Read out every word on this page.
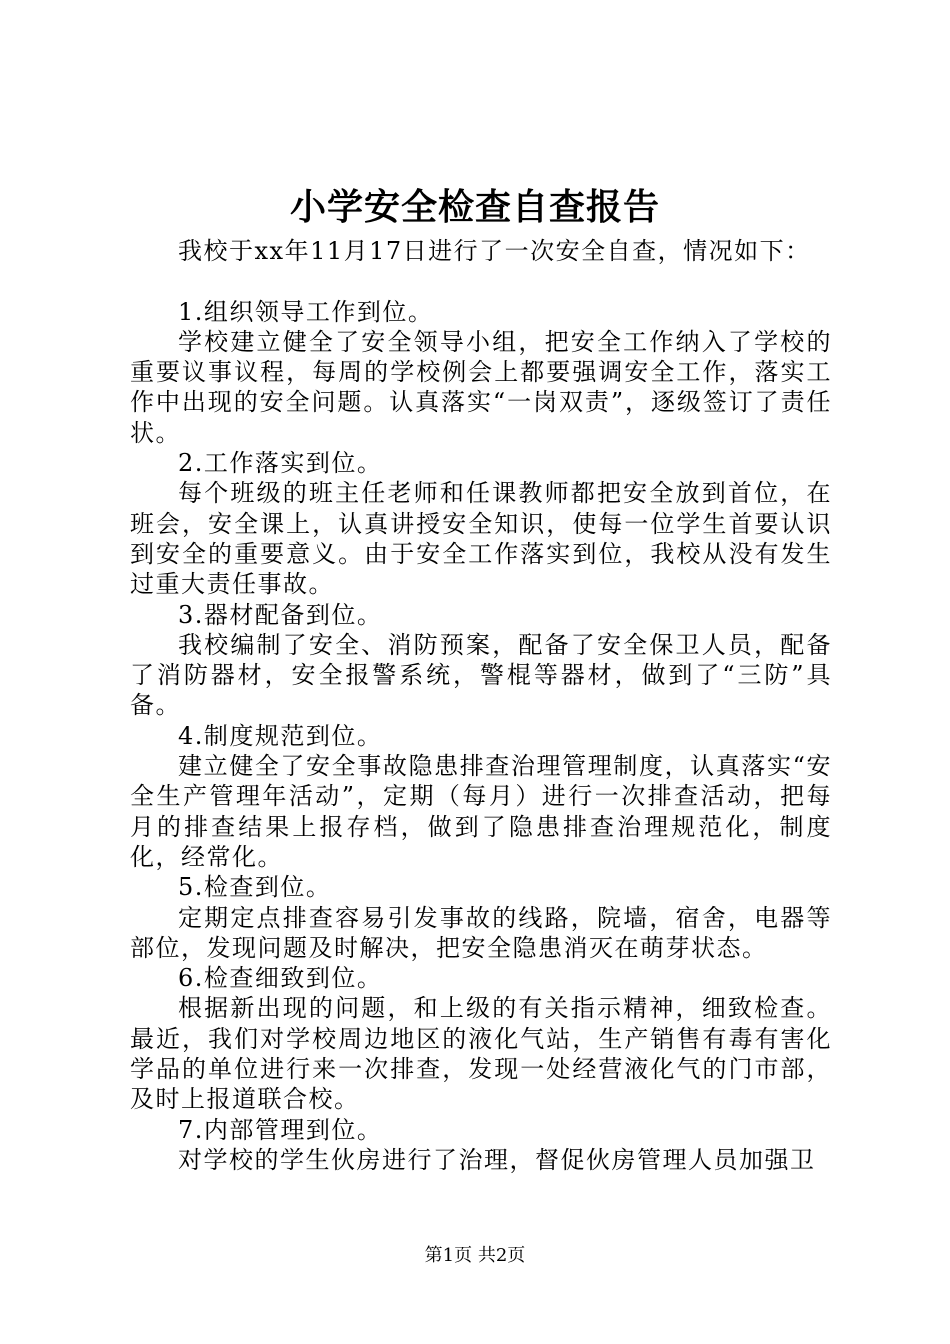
小学安全检查自查报告

我校于xx年11月17日进行了一次安全自查，情况如下：

1.组织领导工作到位。

学校建立健全了安全领导小组，把安全工作纳入了学校的重要议事议程，每周的学校例会上都要强调安全工作，落实工作中出现的安全问题。认真落实“一岗双责”，逐级签订了责任状。

2.工作落实到位。

每个班级的班主任老师和任课教师都把安全放到首位，在班会，安全课上，认真讲授安全知识，使每一位学生首要认识到安全的重要意义。由于安全工作落实到位，我校从没有发生过重大责任事故。

3.器材配备到位。

我校编制了安全、消防预案，配备了安全保卫人员，配备了消防器材，安全报警系统，警棍等器材，做到了“三防”具备。

4.制度规范到位。

建立健全了安全事故隐患排查治理管理制度，认真落实“安全生产管理年活动”，定期（每月）进行一次排查活动，把每月的排查结果上报存档，做到了隐患排查治理规范化，制度化，经常化。

5.检查到位。

定期定点排查容易引发事故的线路，院墙，宿舍，电器等部位，发现问题及时解决，把安全隐患消灭在萌芽状态。

6.检查细致到位。

根据新出现的问题，和上级的有关指示精神，细致检查。最近，我们对学校周边地区的液化气站，生产销售有毒有害化学品的单位进行来一次排查，发现一处经营液化气的门市部，及时上报道联合校。

7.内部管理到位。

对学校的学生伙房进行了治理，督促伙房管理人员加强卫

第1页 共2页
